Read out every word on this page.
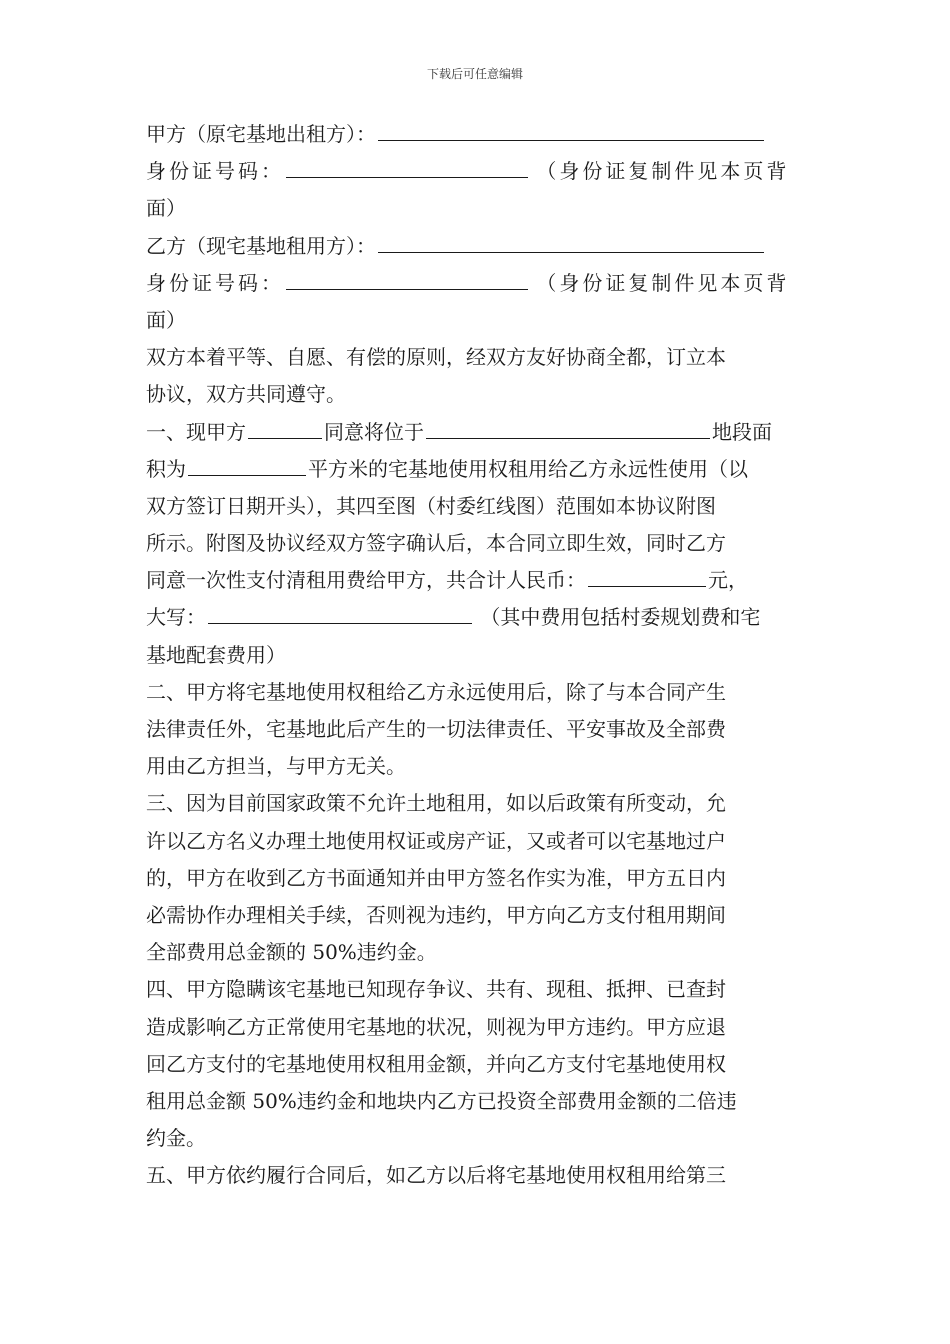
下载后可任意编辑
甲方（原宅基地出租方）：
身份证号码：	（身份证复制件见本页背
面）
乙方（现宅基地租用方）：
身份证号码：	（身份证复制件见本页背
面）
双方本着平等、自愿、有偿的原则，经双方友好协商全都，订立本
协议，双方共同遵守。
一、现甲方	同意将位于	地段面
积为	平方米的宅基地使用权租用给乙方永远性使用（以
双方签订日期开头），其四至图（村委红线图）范围如本协议附图
所示。附图及协议经双方签字确认后，本合同立即生效，同时乙方
同意一次性支付清租用费给甲方，共合计人民币：	元，
大写：	（其中费用包括村委规划费和宅
基地配套费用）
二、甲方将宅基地使用权租给乙方永远使用后，除了与本合同产生
法律责任外，宅基地此后产生的一切法律责任、平安事故及全部费
用由乙方担当，与甲方无关。
三、因为目前国家政策不允许土地租用，如以后政策有所变动，允
许以乙方名义办理土地使用权证或房产证，又或者可以宅基地过户
的，甲方在收到乙方书面通知并由甲方签名作实为准，甲方五日内
必需协作办理相关手续，否则视为违约，甲方向乙方支付租用期间
全部费用总金额的 50%违约金。
四、甲方隐瞒该宅基地已知现存争议、共有、现租、抵押、已查封
造成影响乙方正常使用宅基地的状况，则视为甲方违约。甲方应退
回乙方支付的宅基地使用权租用金额，并向乙方支付宅基地使用权
租用总金额 50%违约金和地块内乙方已投资全部费用金额的二倍违
约金。
五、甲方依约履行合同后，如乙方以后将宅基地使用权租用给第三
